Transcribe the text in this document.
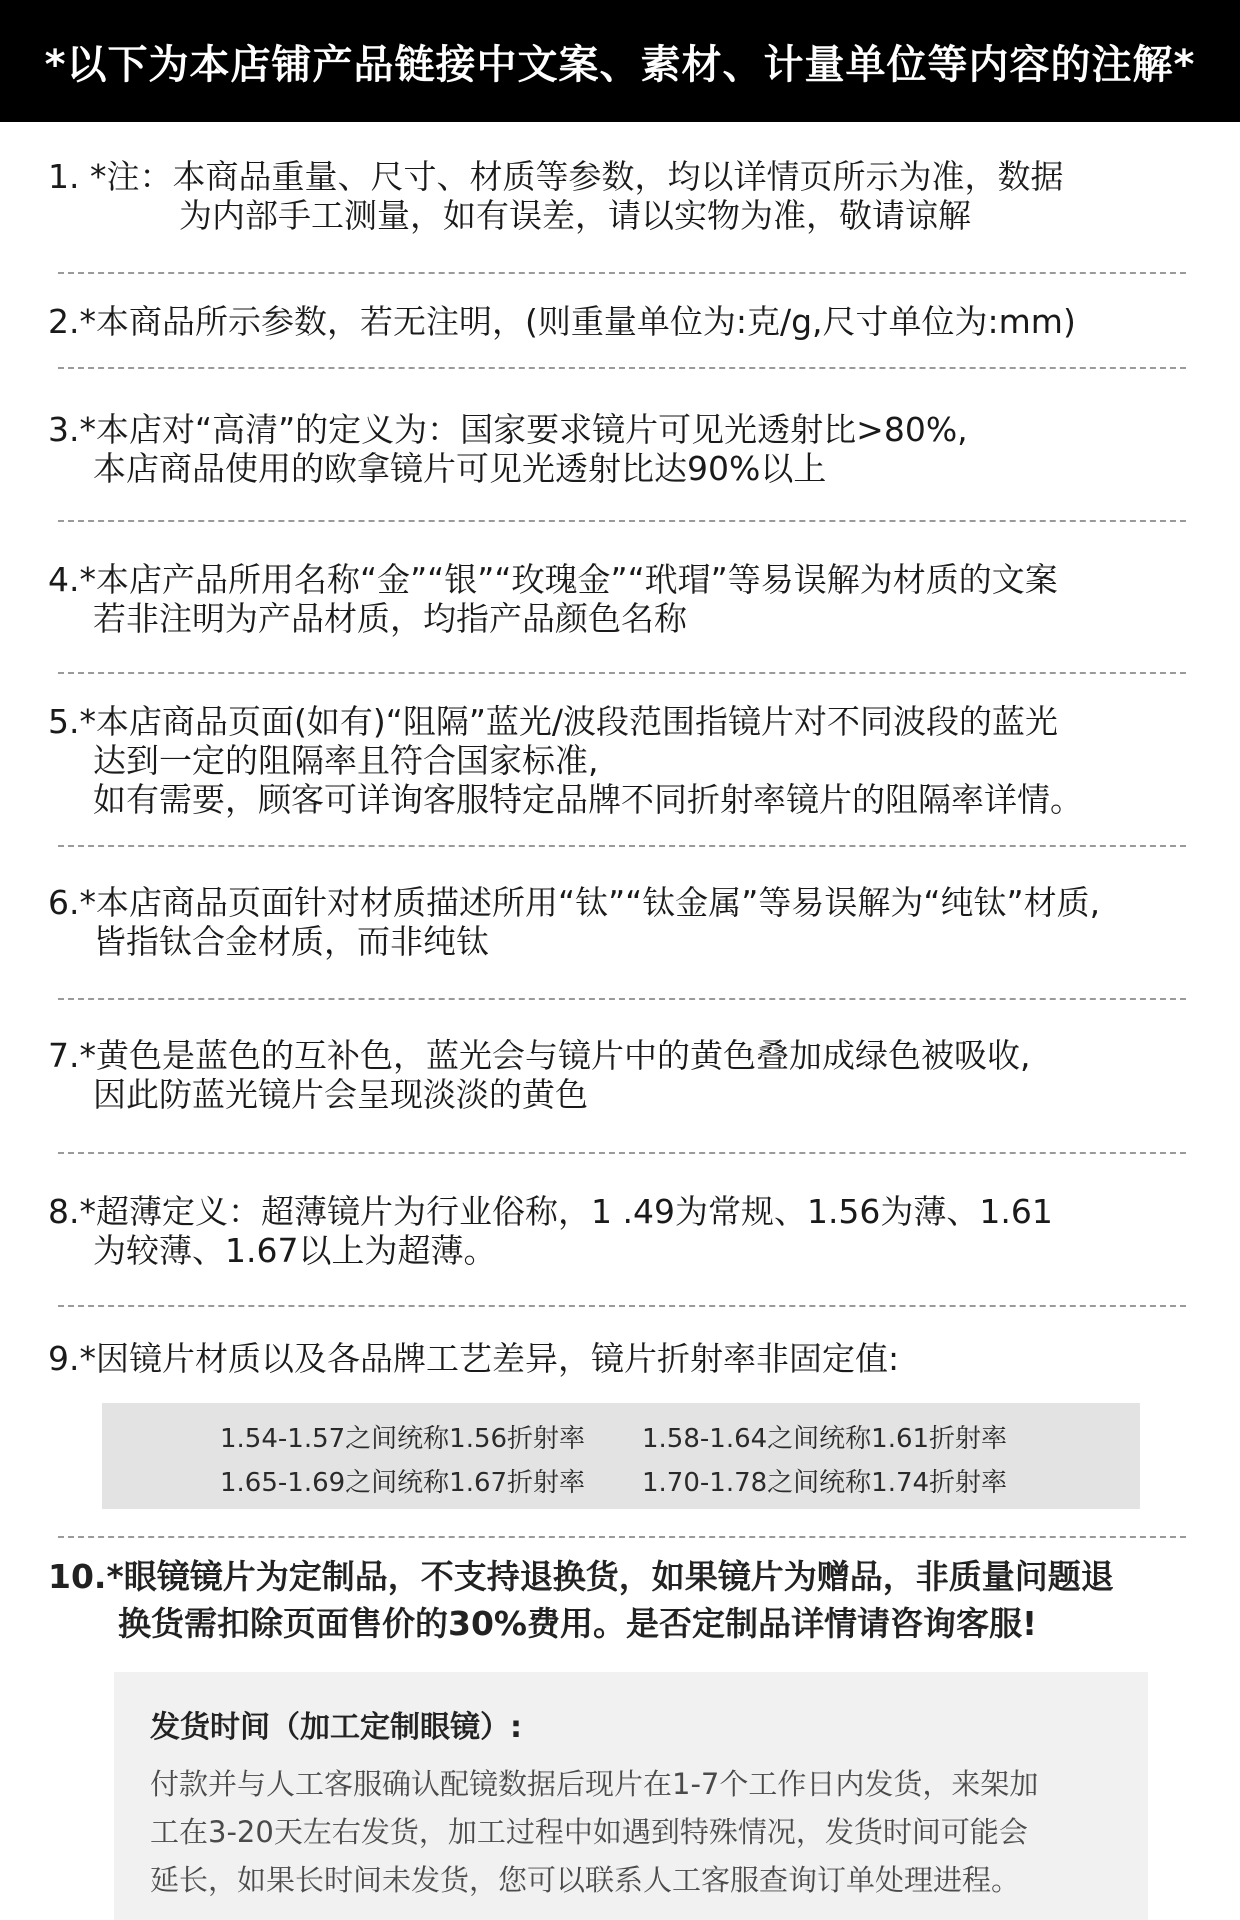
*以下为本店铺产品链接中文案、素材、计量单位等内容的注解*
1. *注：本商品重量、尺寸、材质等参数，均以详情页所示为准，数据
为内部手工测量，如有误差，请以实物为准，敬请谅解
2.*本商品所示参数，若无注明，(则重量单位为:克/g,尺寸单位为:mm)
3.*本店对“高清”的定义为：国家要求镜片可见光透射比>80%,
本店商品使用的欧拿镜片可见光透射比达90%以上
4.*本店产品所用名称“金”“银”“玫瑰金”“玳瑁”等易误解为材质的文案
若非注明为产品材质，均指产品颜色名称
5.*本店商品页面(如有)“阻隔”蓝光/波段范围指镜片对不同波段的蓝光
达到一定的阻隔率且符合国家标准,
如有需要，顾客可详询客服特定品牌不同折射率镜片的阻隔率详情。
6.*本店商品页面针对材质描述所用“钛”“钛金属”等易误解为“纯钛”材质,
皆指钛合金材质，而非纯钛
7.*黄色是蓝色的互补色，蓝光会与镜片中的黄色叠加成绿色被吸收,
因此防蓝光镜片会呈现淡淡的黄色
8.*超薄定义：超薄镜片为行业俗称，1 .49为常规、1.56为薄、1.61
为较薄、1.67以上为超薄。
9.*因镜片材质以及各品牌工艺差异，镜片折射率非固定值:
1.54-1.57之间统称1.56折射率 1.58-1.64之间统称1.61折射率
1.65-1.69之间统称1.67折射率 1.70-1.78之间统称1.74折射率
10.*眼镜镜片为定制品，不支持退换货，如果镜片为赠品，非质量问题退
换货需扣除页面售价的30%费用。是否定制品详情请咨询客服!
发货时间（加工定制眼镜）:
付款并与人工客服确认配镜数据后现片在1-7个工作日内发货，来架加
工在3-20天左右发货，加工过程中如遇到特殊情况，发货时间可能会
延长，如果长时间未发货，您可以联系人工客服查询订单处理进程。
